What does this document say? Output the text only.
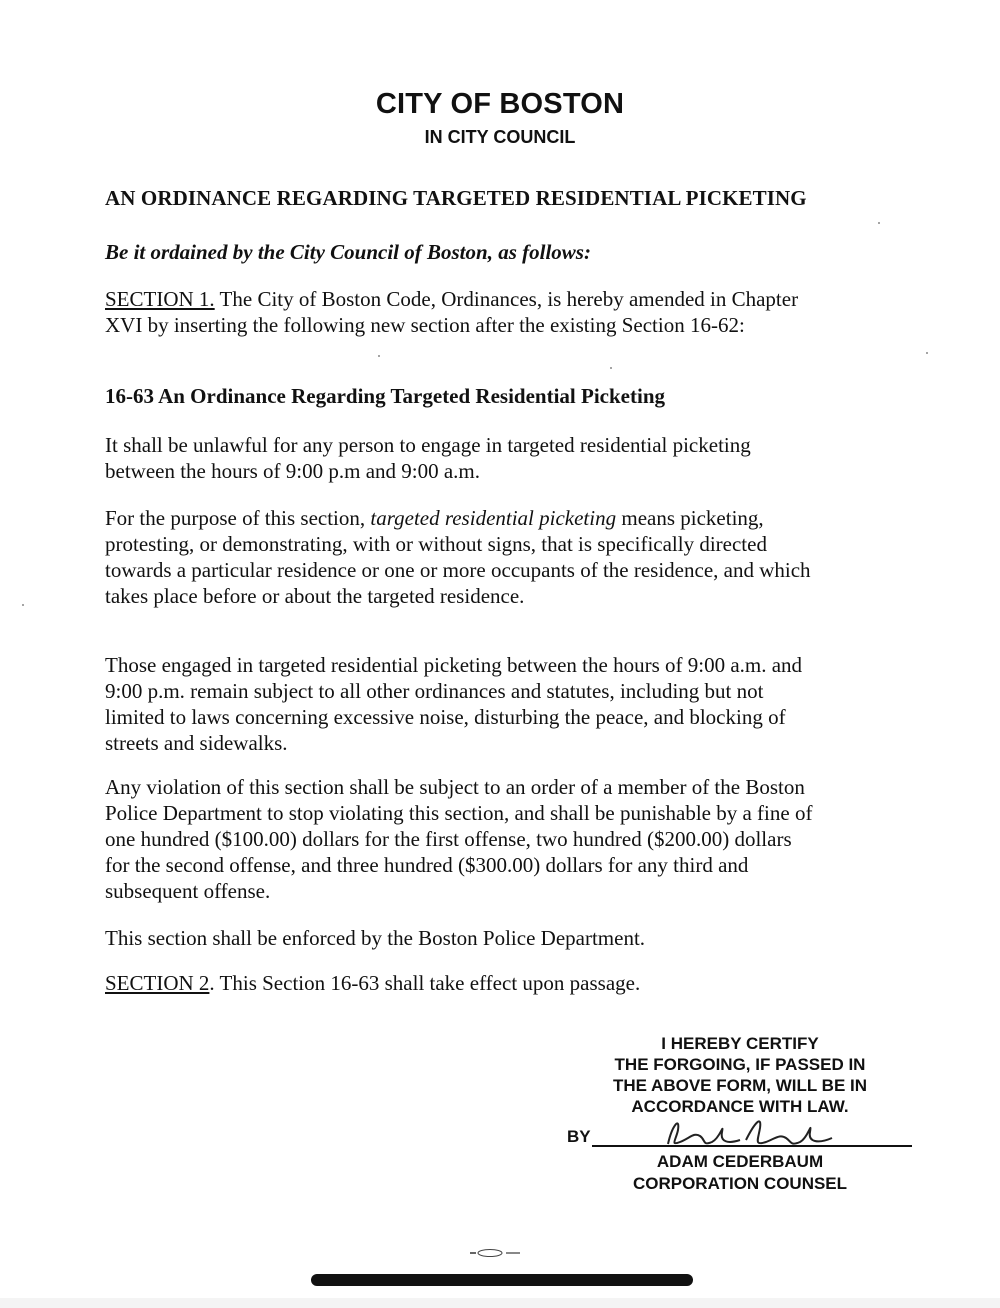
CITY OF BOSTON
IN CITY COUNCIL
AN ORDINANCE REGARDING TARGETED RESIDENTIAL PICKETING
Be it ordained by the City Council of Boston, as follows:
SECTION 1. The City of Boston Code, Ordinances, is hereby amended in Chapter XVI by inserting the following new section after the existing Section 16-62:
16-63 An Ordinance Regarding Targeted Residential Picketing
It shall be unlawful for any person to engage in targeted residential picketing between the hours of 9:00 p.m and 9:00 a.m.
For the purpose of this section, targeted residential picketing means picketing, protesting, or demonstrating, with or without signs, that is specifically directed towards a particular residence or one or more occupants of the residence, and which takes place before or about the targeted residence.
Those engaged in targeted residential picketing between the hours of 9:00 a.m. and 9:00 p.m. remain subject to all other ordinances and statutes, including but not limited to laws concerning excessive noise, disturbing the peace, and blocking of streets and sidewalks.
Any violation of this section shall be subject to an order of a member of the Boston Police Department to stop violating this section, and shall be punishable by a fine of one hundred ($100.00) dollars for the first offense, two hundred ($200.00) dollars for the second offense, and three hundred ($300.00) dollars for any third and subsequent offense.
This section shall be enforced by the Boston Police Department.
SECTION 2. This Section 16-63 shall take effect upon passage.
I HEREBY CERTIFY
THE FORGOING, IF PASSED IN
THE ABOVE FORM, WILL BE IN
ACCORDANCE WITH LAW.
BY
ADAM CEDERBAUM
CORPORATION COUNSEL
